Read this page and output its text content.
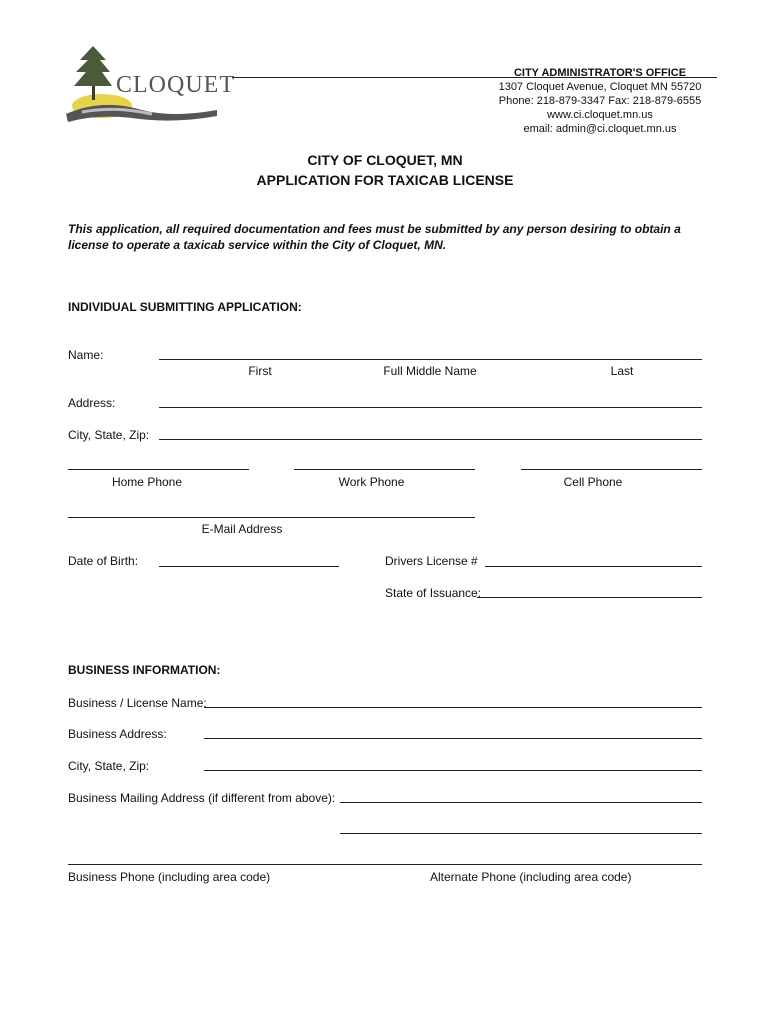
CLOQUET	CITY ADMINISTRATOR'S OFFICE
1307 Cloquet Avenue, Cloquet MN 55720
Phone: 218-879-3347 Fax: 218-879-6555
www.ci.cloquet.mn.us
email: admin@ci.cloquet.mn.us
CITY OF CLOQUET, MN
APPLICATION FOR TAXICAB LICENSE
This application, all required documentation and fees must be submitted by any person desiring to obtain a license to operate a taxicab service within the City of Cloquet, MN.
INDIVIDUAL SUBMITTING APPLICATION:
Name:
First	Full Middle Name	Last
Address:
City, State, Zip:
Home Phone	Work Phone	Cell Phone
E-Mail Address
Date of Birth:	Drivers License #
State of Issuance:
BUSINESS INFORMATION:
Business / License Name:
Business Address:
City, State, Zip:
Business Mailing Address (if different from above):
Business Phone (including area code)	Alternate Phone (including area code)
